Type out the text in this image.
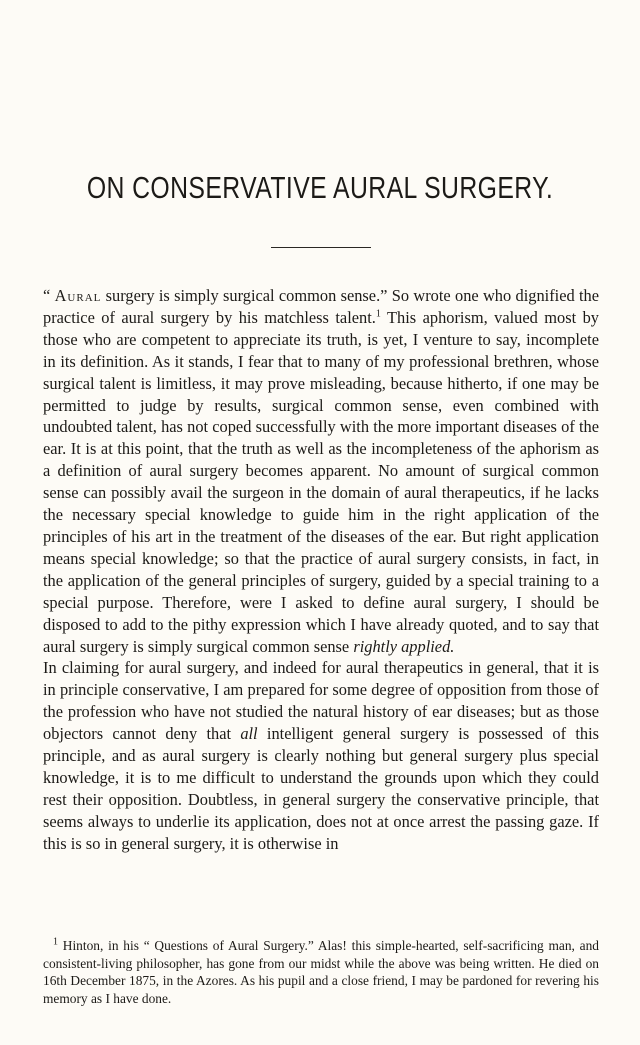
ON CONSERVATIVE AURAL SURGERY.

“ Aural surgery is simply surgical common sense.” So wrote one who dignified the practice of aural surgery by his matchless talent.$^1$ This aphorism, valued most by those who are competent to appreciate its truth, is yet, I venture to say, incomplete in its definition. As it stands, I fear that to many of my professional brethren, whose surgical talent is limitless, it may prove misleading, because hitherto, if one may be permitted to judge by results, surgical common sense, even combined with undoubted talent, has not coped successfully with the more important diseases of the ear. It is at this point, that the truth as well as the incompleteness of the aphorism as a definition of aural surgery becomes apparent. No amount of surgical common sense can possibly avail the surgeon in the domain of aural therapeutics, if he lacks the necessary special knowledge to guide him in the right application of the principles of his art in the treatment of the diseases of the ear. But right application means special knowledge; so that the practice of aural surgery consists, in fact, in the application of the general principles of surgery, guided by a special training to a special purpose. Therefore, were I asked to define aural surgery, I should be disposed to add to the pithy expression which I have already quoted, and to say that aural surgery is simply surgical common sense rightly applied.

In claiming for aural surgery, and indeed for aural therapeutics in general, that it is in principle conservative, I am prepared for some degree of opposition from those of the profession who have not studied the natural history of ear diseases; but as those objectors cannot deny that all intelligent general surgery is possessed of this principle, and as aural surgery is clearly nothing but general surgery plus special knowledge, it is to me difficult to understand the grounds upon which they could rest their opposition. Doubtless, in general surgery the conservative principle, that seems always to underlie its application, does not at once arrest the passing gaze. If this is so in general surgery, it is otherwise in

$^1$ Hinton, in his “ Questions of Aural Surgery.” Alas! this simple-hearted, self-sacrificing man, and consistent-living philosopher, has gone from our midst while the above was being written. He died on 16th December 1875, in the Azores. As his pupil and a close friend, I may be pardoned for revering his memory as I have done.
